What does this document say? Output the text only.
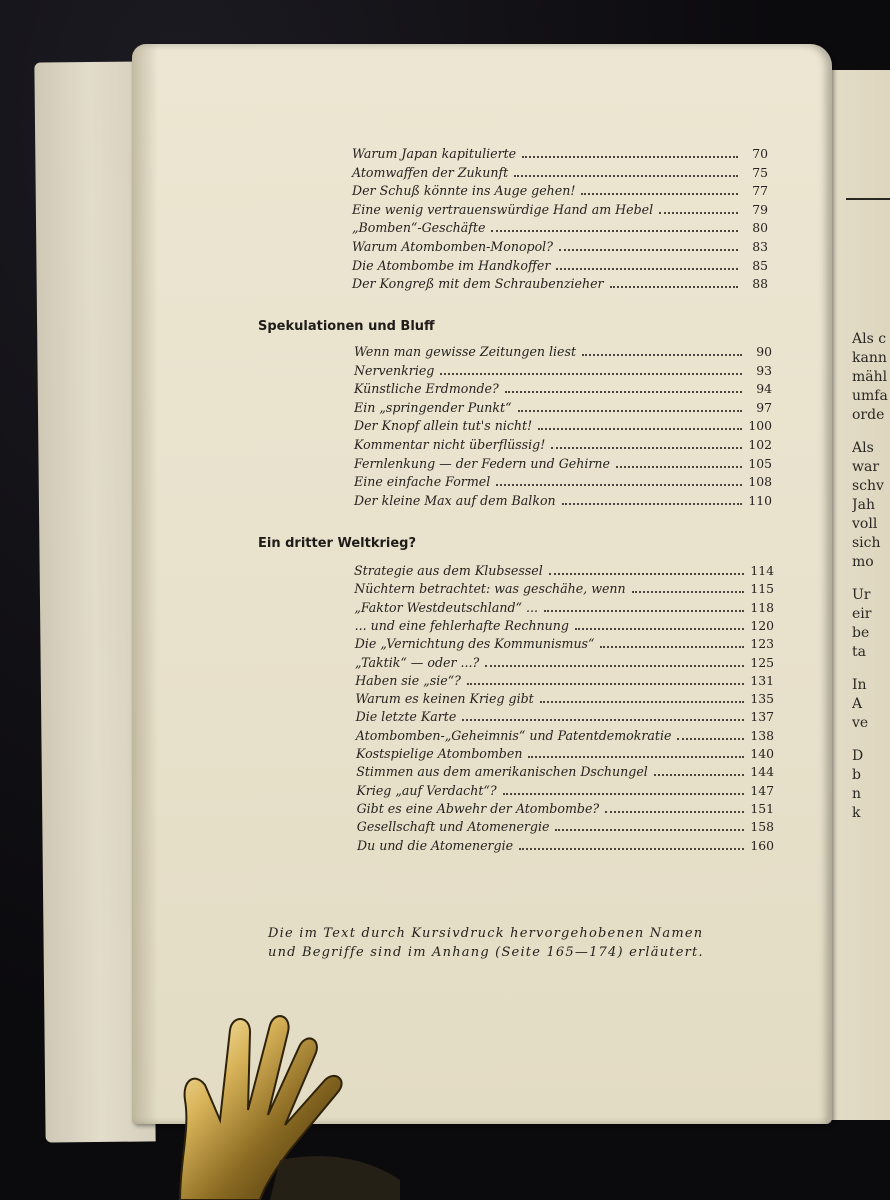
Als c
kann
mähl
umfa
orde
Als
war
schv
Jah
voll
sich
mo
Ur
eir
be
ta
In
A
ve
D
b
n
k
Spekulationen und Bluff
Ein dritter Weltkrieg?
Warum Japan kapitulierte	70
Atomwaffen der Zukunft	75
Der Schuß könnte ins Auge gehen!	77
Eine wenig vertrauenswürdige Hand am Hebel	79
„Bomben“-Geschäfte	80
Warum Atombomben-Monopol?	83
Die Atombombe im Handkoffer	85
Der Kongreß mit dem Schraubenzieher	88
Wenn man gewisse Zeitungen liest	90
Nervenkrieg	93
Künstliche Erdmonde?	94
Ein „springender Punkt“	97
Der Knopf allein tut's nicht!	100
Kommentar nicht überflüssig!	102
Fernlenkung — der Federn und Gehirne	105
Eine einfache Formel	108
Der kleine Max auf dem Balkon	110
Strategie aus dem Klubsessel	114
Nüchtern betrachtet: was geschähe, wenn	115
„Faktor Westdeutschland“ ...	118
... und eine fehlerhafte Rechnung	120
Die „Vernichtung des Kommunismus“	123
„Taktik“ — oder ...?	125
Haben sie „sie“?	131
Warum es keinen Krieg gibt	135
Die letzte Karte	137
Atombomben-„Geheimnis“ und Patentdemokratie	138
Kostspielige Atombomben	140
Stimmen aus dem amerikanischen Dschungel	144
Krieg „auf Verdacht“?	147
Gibt es eine Abwehr der Atombombe?	151
Gesellschaft und Atomenergie	158
Du und die Atomenergie	160
Die im Text durch Kursivdruck hervorgehobenen Namen
und Begriffe sind im Anhang (Seite 165—174) erläutert.
